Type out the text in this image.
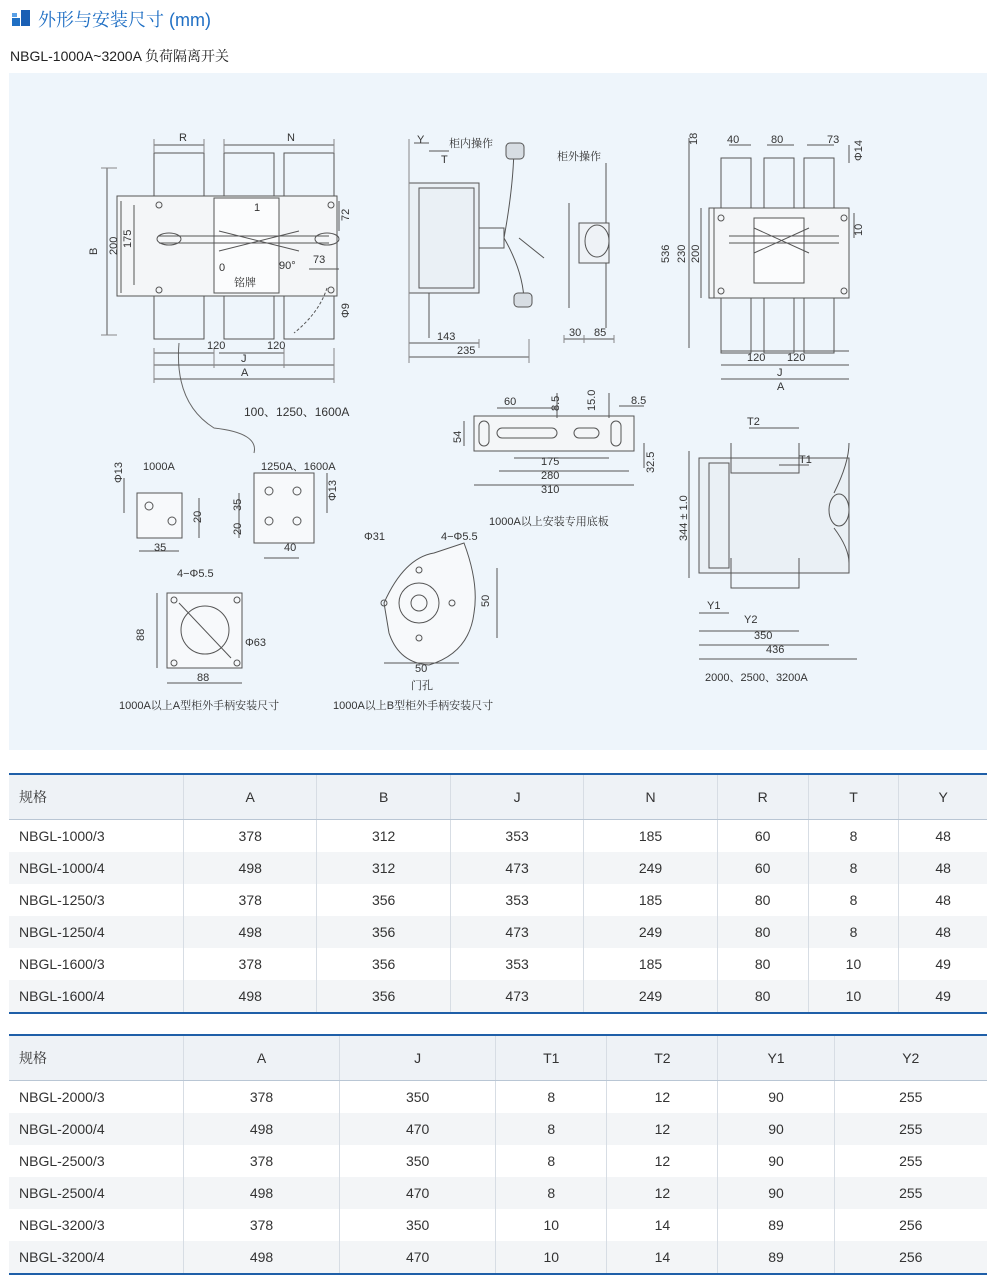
外形与安装尺寸 (mm)
NBGL-1000A~3200A 负荷隔离开关
R	N
B 200 175
72
73
Φ9
120	120
J
A
1
0	90°
铭牌
Y
T
柜内操作
柜外操作
143
235
30 85
18 40	80	73 Φ14
10
536 230 200
120 120
J
A
100、1250、1600A
60	8.5 15.0	8.5
54
175
280
310
32.5
1000A以上安装专用底板
T2
T1
344 ± 1.0
Y1
Y2
350
436
2000、2500、3200A
1000A
Φ13
20
35
1250A、1600A
Φ13
35
20
40
4−Φ5.5
88
Φ63
88
1000A以上A型柜外手柄安装尺寸
Φ31	4−Φ5.5
50
50
门孔
1000A以上B型柜外手柄安装尺寸
规格	A	B	J	N	R	T	Y
NBGL-1000/3	378	312	353	185	60	8	48
NBGL-1000/4	498	312	473	249	60	8	48
NBGL-1250/3	378	356	353	185	80	8	48
NBGL-1250/4	498	356	473	249	80	8	48
NBGL-1600/3	378	356	353	185	80	10	49
NBGL-1600/4	498	356	473	249	80	10	49
规格	A	J	T1	T2	Y1	Y2
NBGL-2000/3	378	350	8	12	90	255
NBGL-2000/4	498	470	8	12	90	255
NBGL-2500/3	378	350	8	12	90	255
NBGL-2500/4	498	470	8	12	90	255
NBGL-3200/3	378	350	10	14	89	256
NBGL-3200/4	498	470	10	14	89	256
